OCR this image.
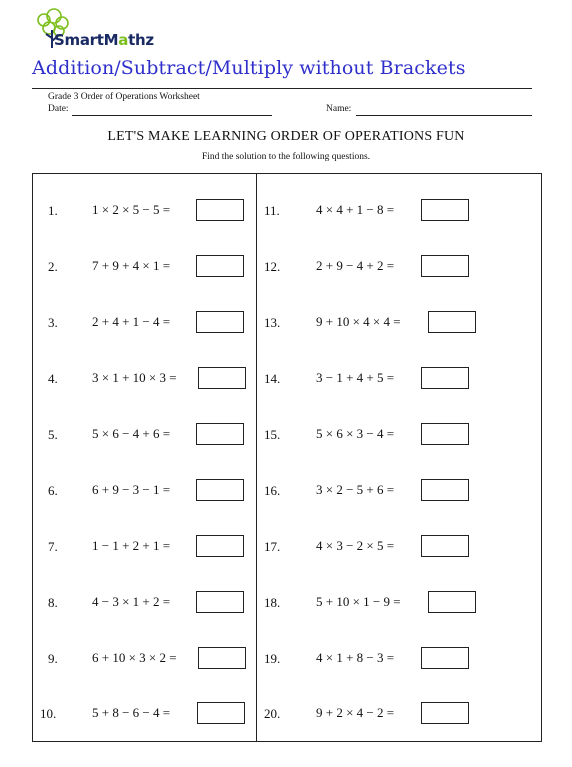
SmartMathz
Addition/Subtract/Multiply without Brackets
Grade 3 Order of Operations Worksheet
Date:	Name:
LET'S MAKE LEARNING ORDER OF OPERATIONS FUN
Find the solution to the following questions.
1.	1 × 2 × 5 − 5 =
2.	7 + 9 + 4 × 1 =
3.	2 + 4 + 1 − 4 =
4.	3 × 1 + 10 × 3 =
5.	5 × 6 − 4 + 6 =
6.	6 + 9 − 3 − 1 =
7.	1 − 1 + 2 + 1 =
8.	4 − 3 × 1 + 2 =
9.	6 + 10 × 3 × 2 =
10.	5 + 8 − 6 − 4 =
11.	4 × 4 + 1 − 8 =
12.	2 + 9 − 4 + 2 =
13.	9 + 10 × 4 × 4 =
14.	3 − 1 + 4 + 5 =
15.	5 × 6 × 3 − 4 =
16.	3 × 2 − 5 + 6 =
17.	4 × 3 − 2 × 5 =
18.	5 + 10 × 1 − 9 =
19.	4 × 1 + 8 − 3 =
20.	9 + 2 × 4 − 2 =
